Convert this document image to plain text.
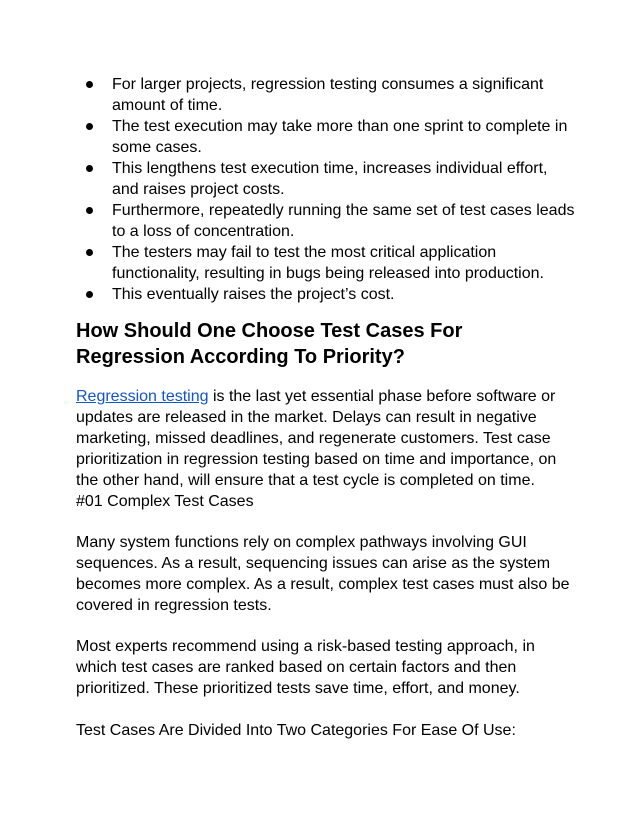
For larger projects, regression testing consumes a significant amount of time.
The test execution may take more than one sprint to complete in some cases.
This lengthens test execution time, increases individual effort, and raises project costs.
Furthermore, repeatedly running the same set of test cases leads to a loss of concentration.
The testers may fail to test the most critical application functionality, resulting in bugs being released into production.
This eventually raises the project’s cost.
How Should One Choose Test Cases For Regression According To Priority?

Regression testing is the last yet essential phase before software or updates are released in the market. Delays can result in negative marketing, missed deadlines, and regenerate customers. Test case prioritization in regression testing based on time and importance, on the other hand, will ensure that a test cycle is completed on time.
#01 Complex Test Cases

Many system functions rely on complex pathways involving GUI sequences. As a result, sequencing issues can arise as the system becomes more complex. As a result, complex test cases must also be covered in regression tests.

Most experts recommend using a risk-based testing approach, in which test cases are ranked based on certain factors and then prioritized. These prioritized tests save time, effort, and money.

Test Cases Are Divided Into Two Categories For Ease Of Use:
